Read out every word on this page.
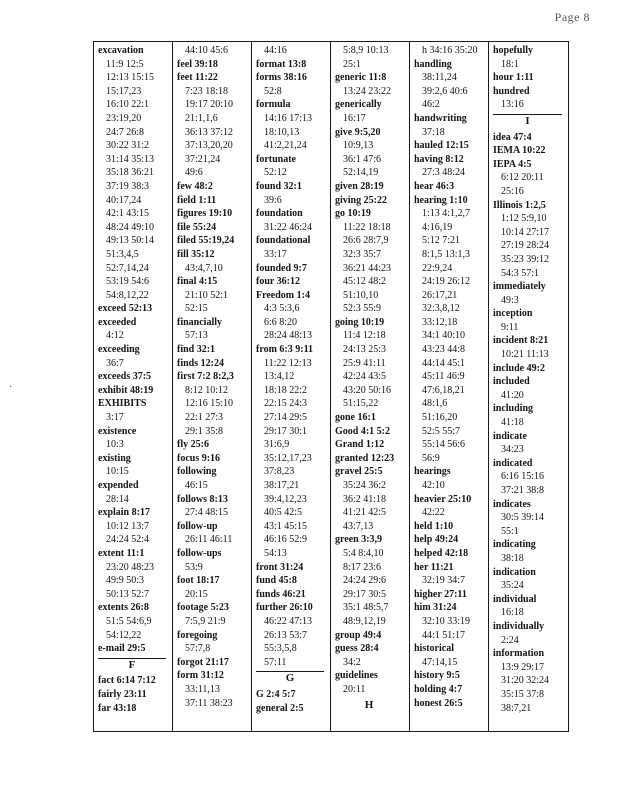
Page 8
·
excavation
11:9 12:5
12:13 15:15
15:17,23
16:10 22:1
23:19,20
24:7 26:8
30:22 31:2
31:14 35:13
35:18 36:21
37:19 38:3
40:17,24
42:1 43:15
48:24 49:10
49:13 50:14
51:3,4,5
52:7,14,24
53:19 54:6
54:8,12,22
exceed 52:13
exceeded
4:12
exceeding
36:7
exceeds 37:5
exhibit 48:19
EXHIBITS
3:17
existence
10:3
existing
10:15
expended
28:14
explain 8:17
10:12 13:7
24:24 52:4
extent 11:1
23:20 48:23
49:9 50:3
50:13 52:7
extents 26:8
51:5 54:6,9
54:12,22
e-mail 29:5
F
fact 6:14 7:12
fairly 23:11
far 43:18
44:10 45:6
feel 39:18
feet 11:22
7:23 18:18
19:17 20:10
21:1,1,6
36:13 37:12
37:13,20,20
37:21,24
49:6
few 48:2
field 1:11
figures 19:10
file 55:24
filed 55:19,24
fill 35:12
43:4,7,10
final 4:15
21:10 52:1
52:15
financially
57:13
find 32:1
finds 12:24
first 7:2 8:2,3
8:12 10:12
12:16 15:10
22:1 27:3
29:1 35:8
fly 25:6
focus 9:16
following
46:15
follows 8:13
27:4 48:15
follow-up
26:11 46:11
follow-ups
53:9
foot 18:17
20:15
footage 5:23
7:5,9 21:9
foregoing
57:7,8
forgot 21:17
form 31:12
33:11,13
37:11 38:23
44:16
format 13:8
forms 38:16
52:8
formula
14:16 17:13
18:10,13
41:2,21,24
fortunate
52:12
found 32:1
39:6
foundation
31:22 46:24
foundational
33:17
founded 9:7
four 36:12
Freedom 1:4
4:3 5:3,6
6:6 8:20
28:24 48:13
from 6:3 9:11
11:22 12:13
13:4,12
18:18 22:2
22:15 24:3
27:14 29:5
29:17 30:1
31:6,9
35:12,17,23
37:8,23
38:17,21
39:4,12,23
40:5 42:5
43:1 45:15
46:16 52:9
54:13
front 31:24
fund 45:8
funds 46:21
further 26:10
46:22 47:13
26:13 53:7
55:3,5,8
57:11
G
G 2:4 5:7
general 2:5
5:8,9 10:13
25:1
generic 11:8
13:24 23:22
generically
16:17
give 9:5,20
10:9,13
36:1 47:6
52:14,19
given 28:19
giving 25:22
go 10:19
11:22 18:18
26:6 28:7,9
32:3 35:7
36:21 44:23
45:12 48:2
51:10,10
52:3 55:9
going 10:19
11:4 12:18
24:13 25:3
25:9 41:11
42:24 43:5
43:20 50:16
51:15,22
gone 16:1
Good 4:1 5:2
Grand 1:12
granted 12:23
gravel 25:5
35:24 36:2
36:2 41:18
41:21 42:5
43:7,13
green 3:3,9
5:4 8:4,10
8:17 23:6
24:24 29:6
29:17 30:5
35:1 48:5,7
48:9,12,19
group 49:4
guess 28:4
34:2
guidelines
20:11
H
h 34:16 35:20
handling
38:11,24
39:2,6 40:6
46:2
handwriting
37:18
hauled 12:15
having 8:12
27:3 48:24
hear 46:3
hearing 1:10
1:13 4:1,2,7
4:16,19
5:12 7:21
8:1,5 13:1,3
22:9,24
24:19 26:12
26:17,21
32:3,8,12
33:12,18
34:1 40:10
43:23 44:8
44:14 45:1
45:11 46:9
47:6,18,21
48:1,6
51:16,20
52:5 55:7
55:14 56:6
56:9
hearings
42:10
heavier 25:10
42:22
held 1:10
help 49:24
helped 42:18
her 11:21
32:19 34:7
higher 27:11
him 31:24
32:10 33:19
44:1 51:17
historical
47:14,15
history 9:5
holding 4:7
honest 26:5
hopefully
18:1
hour 1:11
hundred
13:16
I
idea 47:4
IEMA 10:22
IEPA 4:5
6:12 20:11
25:16
Illinois 1:2,5
1:12 5:9,10
10:14 27:17
27:19 28:24
35:23 39:12
54:3 57:1
immediately
49:3
inception
9:11
incident 8:21
10:21 11:13
include 49:2
included
41:20
including
41:18
indicate
34:23
indicated
6:16 15:16
37:21 38:8
indicates
30:5 39:14
55:1
indicating
38:18
indication
35:24
individual
16:18
individually
2:24
information
13:9 29:17
31:20 32:24
35:15 37:8
38:7,21
